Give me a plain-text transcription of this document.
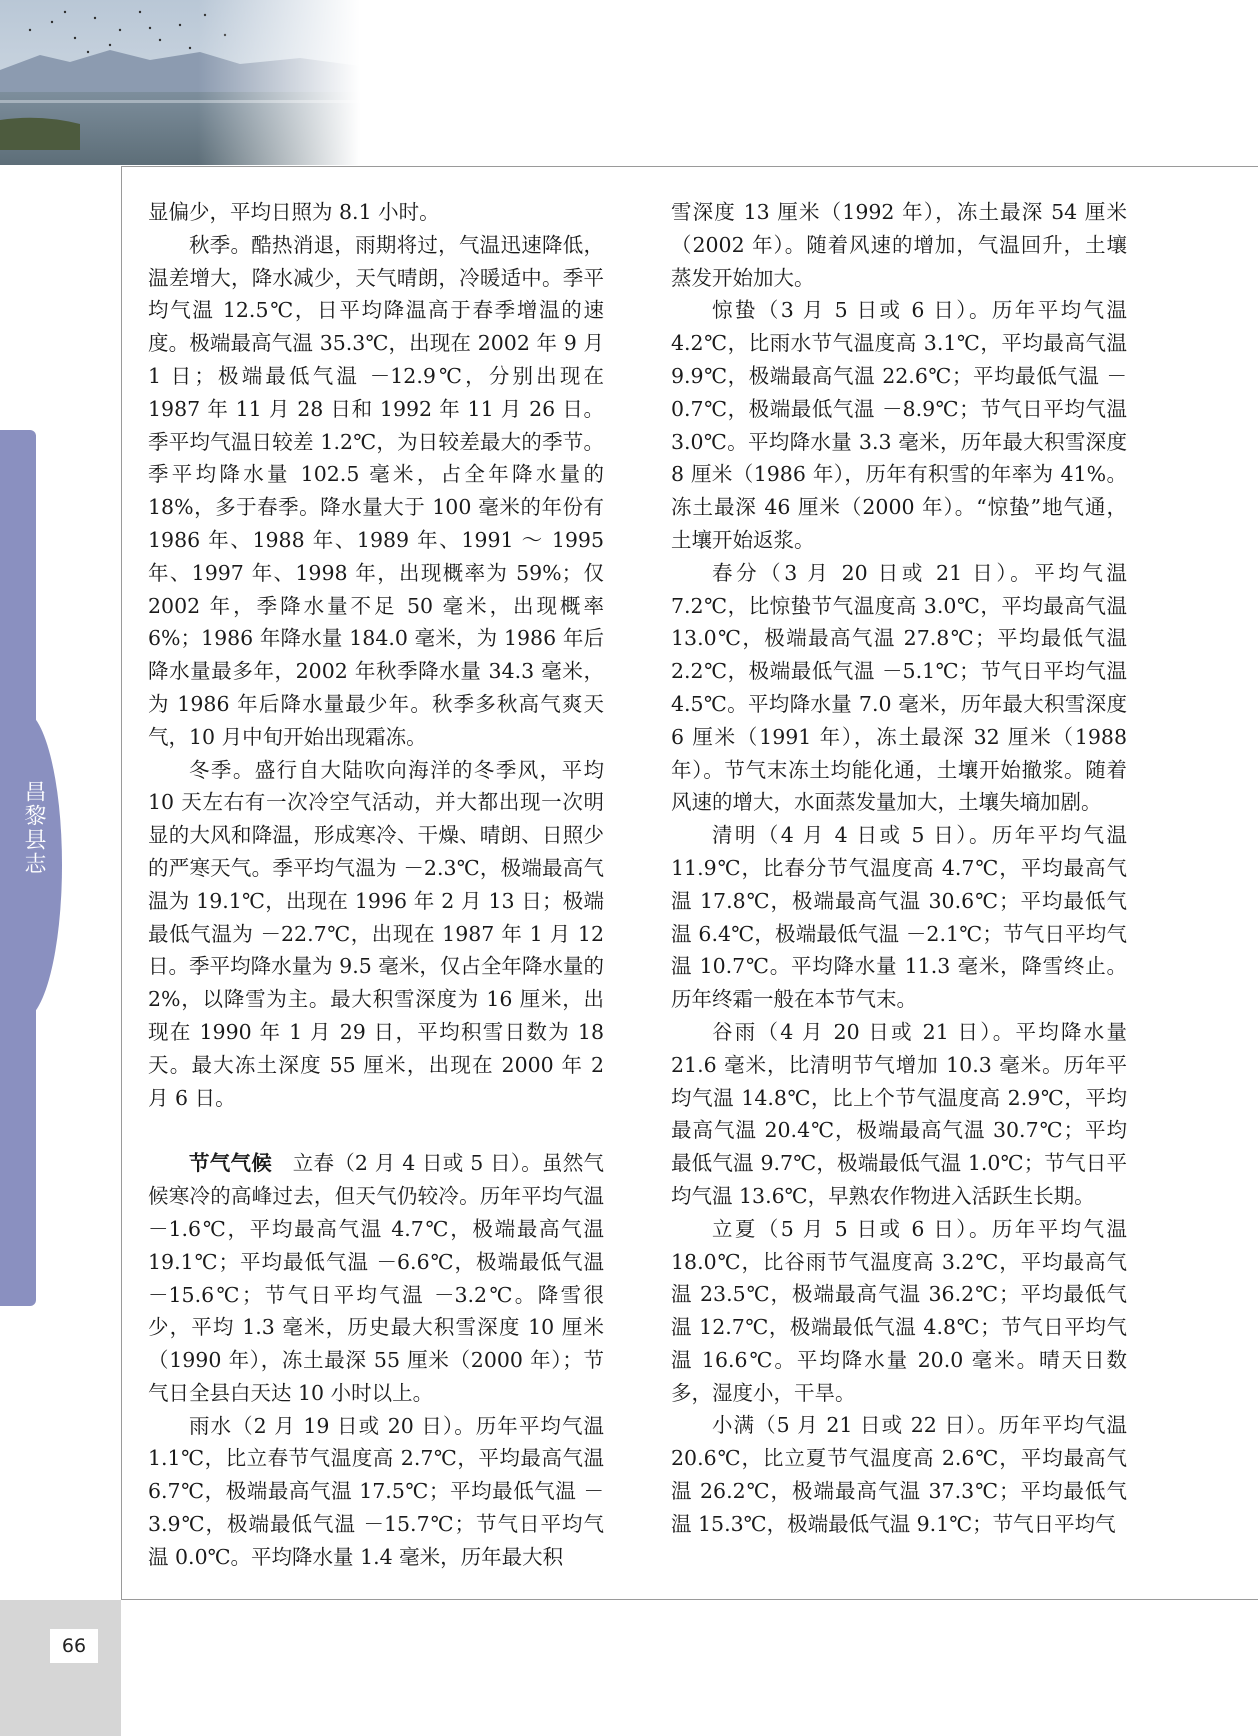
昌黎县志
66

显偏少，平均日照为 8.1 小时。

秋季。酷热消退，雨期将过，气温迅速降低，温差增大，降水减少，天气晴朗，冷暖适中。季平均气温 12.5℃，日平均降温高于春季增温的速度。极端最高气温 35.3℃，出现在 2002 年 9 月 1 日；极端最低气温 －12.9℃，分别出现在 1987 年 11 月 28 日和 1992 年 11 月 26 日。季平均气温日较差 1.2℃，为日较差最大的季节。季平均降水量 102.5 毫米，占全年降水量的 18%，多于春季。降水量大于 100 毫米的年份有 1986 年、1988 年、1989 年、1991 ～ 1995 年、1997 年、1998 年，出现概率为 59%；仅 2002 年，季降水量不足 50 毫米，出现概率 6%；1986 年降水量 184.0 毫米，为 1986 年后降水量最多年，2002 年秋季降水量 34.3 毫米，为 1986 年后降水量最少年。秋季多秋高气爽天气，10 月中旬开始出现霜冻。

冬季。盛行自大陆吹向海洋的冬季风，平均 10 天左右有一次冷空气活动，并大都出现一次明显的大风和降温，形成寒冷、干燥、晴朗、日照少的严寒天气。季平均气温为 －2.3℃，极端最高气温为 19.1℃，出现在 1996 年 2 月 13 日；极端最低气温为 －22.7℃，出现在 1987 年 1 月 12 日。季平均降水量为 9.5 毫米，仅占全年降水量的 2%，以降雪为主。最大积雪深度为 16 厘米，出现在 1990 年 1 月 29 日，平均积雪日数为 18 天。最大冻土深度 55 厘米，出现在 2000 年 2 月 6 日。

节气气候　 立春（2 月 4 日或 5 日）。虽然气候寒冷的高峰过去，但天气仍较冷。历年平均气温 －1.6℃，平均最高气温 4.7℃，极端最高气温 19.1℃；平均最低气温 －6.6℃，极端最低气温 －15.6℃；节气日平均气温 －3.2℃。降雪很少，平均 1.3 毫米，历史最大积雪深度 10 厘米（1990 年），冻土最深 55 厘米（2000 年）；节气日全县白天达 10 小时以上。

雨水（2 月 19 日或 20 日）。历年平均气温 1.1℃，比立春节气温度高 2.7℃，平均最高气温 6.7℃，极端最高气温 17.5℃；平均最低气温 －3.9℃，极端最低气温 －15.7℃；节气日平均气温 0.0℃。平均降水量 1.4 毫米，历年最大积

雪深度 13 厘米（1992 年），冻土最深 54 厘米（2002 年）。随着风速的增加，气温回升，土壤蒸发开始加大。

惊蛰（3 月 5 日或 6 日）。历年平均气温 4.2℃，比雨水节气温度高 3.1℃，平均最高气温 9.9℃，极端最高气温 22.6℃；平均最低气温 －0.7℃，极端最低气温 －8.9℃；节气日平均气温 3.0℃。平均降水量 3.3 毫米，历年最大积雪深度 8 厘米（1986 年），历年有积雪的年率为 41%。冻土最深 46 厘米（2000 年）。“惊蛰”地气通，土壤开始返浆。

春分（3 月 20 日或 21 日）。平均气温 7.2℃，比惊蛰节气温度高 3.0℃，平均最高气温 13.0℃，极端最高气温 27.8℃；平均最低气温 2.2℃，极端最低气温 －5.1℃；节气日平均气温 4.5℃。平均降水量 7.0 毫米，历年最大积雪深度 6 厘米（1991 年），冻土最深 32 厘米（1988 年）。节气末冻土均能化通，土壤开始撤浆。随着风速的增大，水面蒸发量加大，土壤失墒加剧。

清明（4 月 4 日或 5 日）。历年平均气温 11.9℃，比春分节气温度高 4.7℃，平均最高气温 17.8℃，极端最高气温 30.6℃；平均最低气温 6.4℃，极端最低气温 －2.1℃；节气日平均气温 10.7℃。平均降水量 11.3 毫米，降雪终止。历年终霜一般在本节气末。

谷雨（4 月 20 日或 21 日）。平均降水量 21.6 毫米，比清明节气增加 10.3 毫米。历年平均气温 14.8℃，比上个节气温度高 2.9℃，平均最高气温 20.4℃，极端最高气温 30.7℃；平均最低气温 9.7℃，极端最低气温 1.0℃；节气日平均气温 13.6℃，早熟农作物进入活跃生长期。

立夏（5 月 5 日或 6 日）。历年平均气温 18.0℃，比谷雨节气温度高 3.2℃，平均最高气温 23.5℃，极端最高气温 36.2℃；平均最低气温 12.7℃，极端最低气温 4.8℃；节气日平均气温 16.6℃。平均降水量 20.0 毫米。晴天日数多，湿度小，干旱。

小满（5 月 21 日或 22 日）。历年平均气温 20.6℃，比立夏节气温度高 2.6℃，平均最高气温 26.2℃，极端最高气温 37.3℃；平均最低气温 15.3℃，极端最低气温 9.1℃；节气日平均气
